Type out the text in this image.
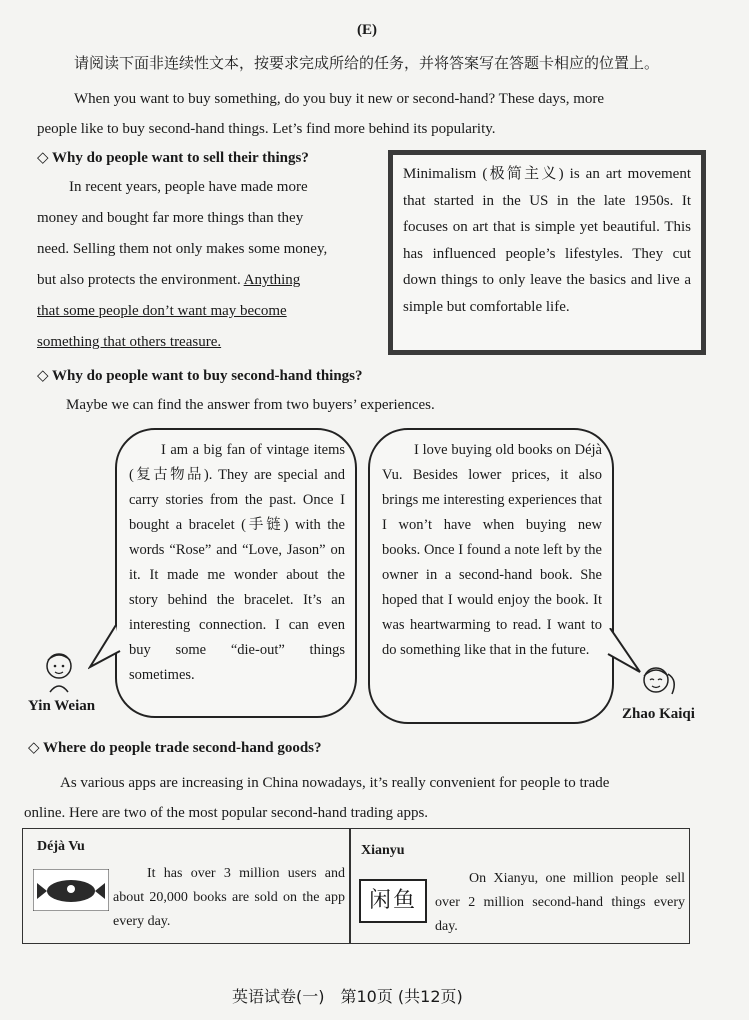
(E)
请阅读下面非连续性文本，按要求完成所给的任务，并将答案写在答题卡相应的位置上。
When you want to buy something, do you buy it new or second-hand? These days, more
people like to buy second-hand things. Let’s find more behind its popularity.
◇ Why do people want to sell their things?
In recent years, people have made more
money and bought far more things than they
need. Selling them not only makes some money,
but also protects the environment. Anything
that some people don’t want may become
something that others treasure.
Minimalism (极简主义) is an art movement that started in the US in the late 1950s. It focuses on art that is simple yet beautiful. This has influenced people’s lifestyles. They cut down things to only leave the basics and live a simple but comfortable life.
◇ Why do people want to buy second-hand things?
Maybe we can find the answer from two buyers’ experiences.
I am a big fan of vintage items (复古物品). They are special and carry stories from the past. Once I bought a bracelet (手链) with the words “Rose” and “Love, Jason” on it. It made me wonder about the story behind the bracelet. It’s an interesting connection. I can even buy some “die-out” things sometimes.
Yin Weian
I love buying old books on Déjà Vu. Besides lower prices, it also brings me interesting experiences that I won’t have when buying new books. Once I found a note left by the owner in a second-hand book. She hoped that I would enjoy the book. It was heartwarming to read. I want to do something like that in the future.
Zhao Kaiqi
◇ Where do people trade second-hand goods?
As various apps are increasing in China nowadays, it’s really convenient for people to trade
online. Here are two of the most popular second-hand trading apps.
Déjà Vu
It has over 3 million users and about 20,000 books are sold on the app every day.
Xianyu
闲鱼
On Xianyu, one million people sell over 2 million second-hand things every day.
英语试卷(一)　第10页 (共12页)
